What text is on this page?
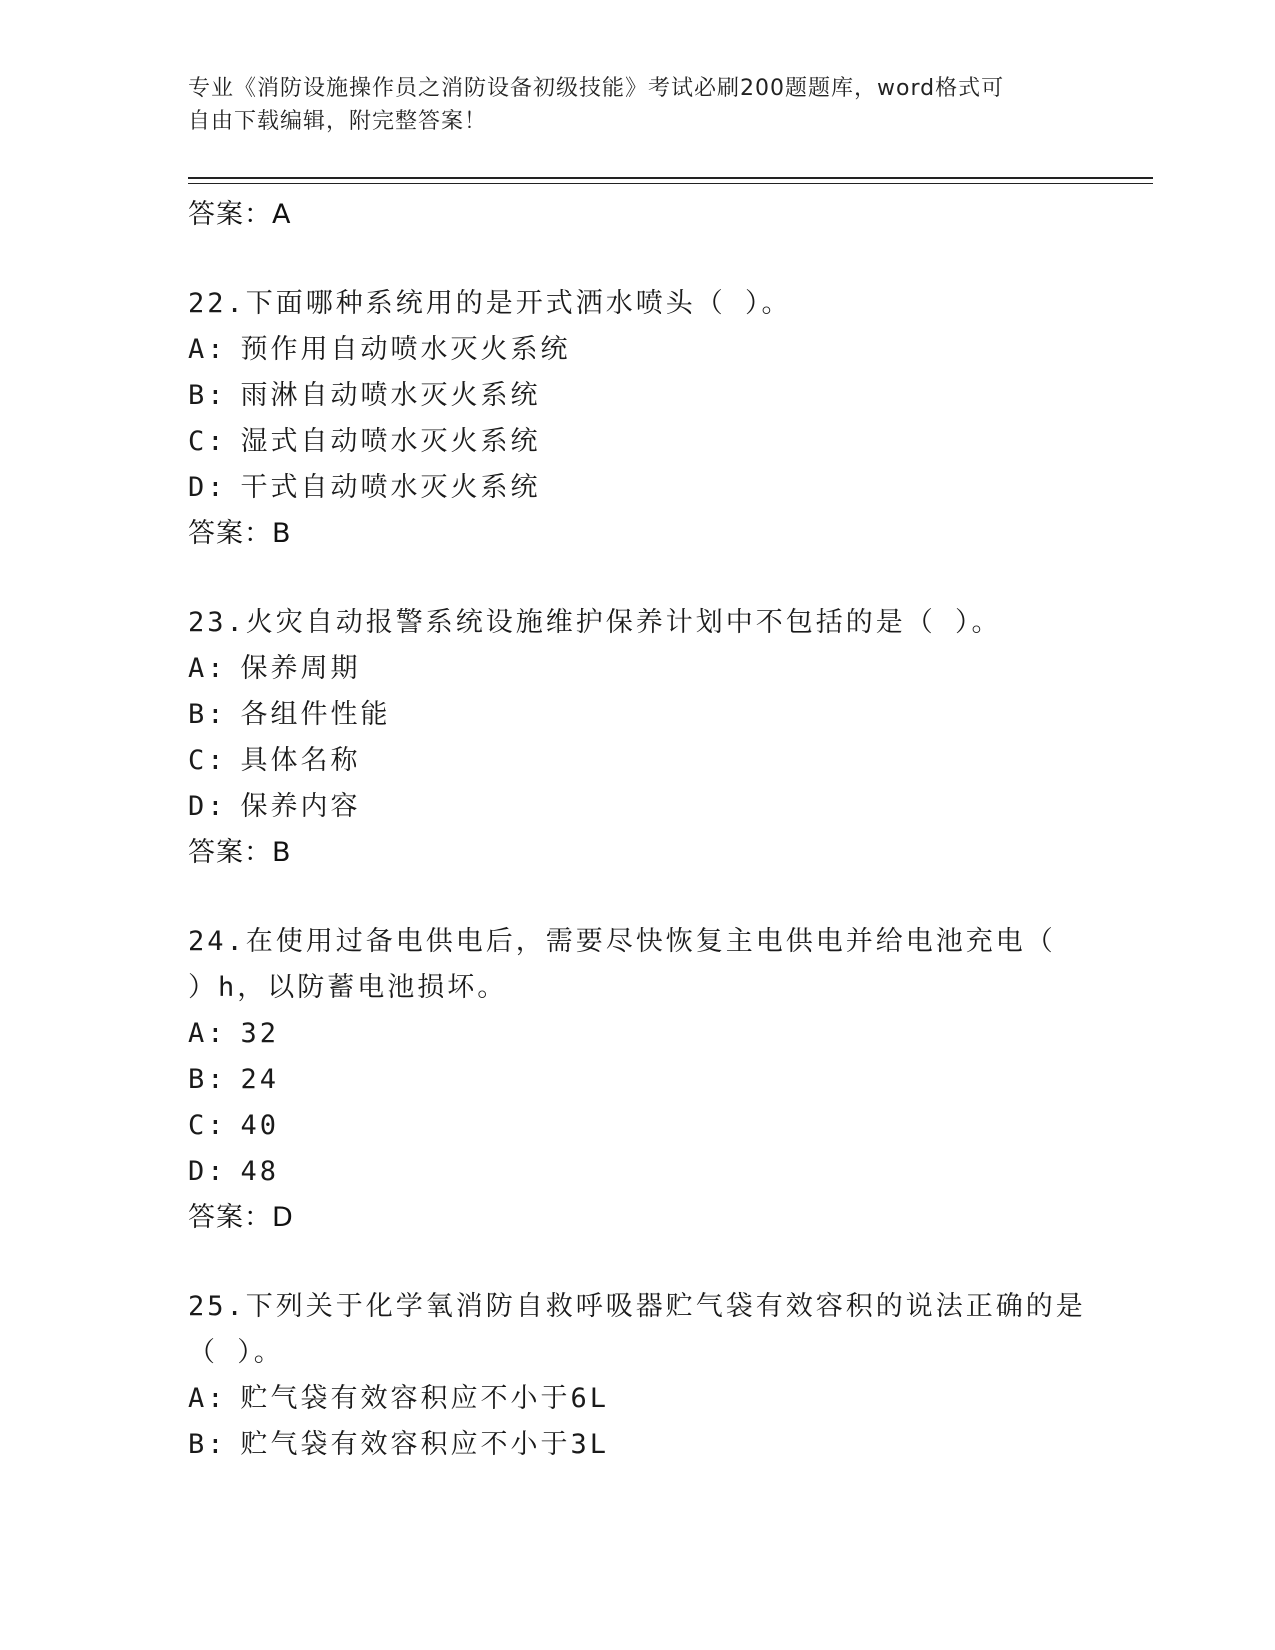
专业《消防设施操作员之消防设备初级技能》考试必刷200题题库，word格式可
自由下载编辑，附完整答案！
答案：A
22.下面哪种系统用的是开式洒水喷头（ ）。
A: 预作用自动喷水灭火系统
B: 雨淋自动喷水灭火系统
C: 湿式自动喷水灭火系统
D: 干式自动喷水灭火系统
答案：B
23.火灾自动报警系统设施维护保养计划中不包括的是（ ）。
A: 保养周期
B: 各组件性能
C: 具体名称
D: 保养内容
答案：B
24.在使用过备电供电后，需要尽快恢复主电供电并给电池充电（ ）h，以防蓄电池损坏。
A: 32
B: 24
C: 40
D: 48
答案：D
25.下列关于化学氧消防自救呼吸器贮气袋有效容积的说法正确的是（ ）。
A: 贮气袋有效容积应不小于6L
B: 贮气袋有效容积应不小于3L
